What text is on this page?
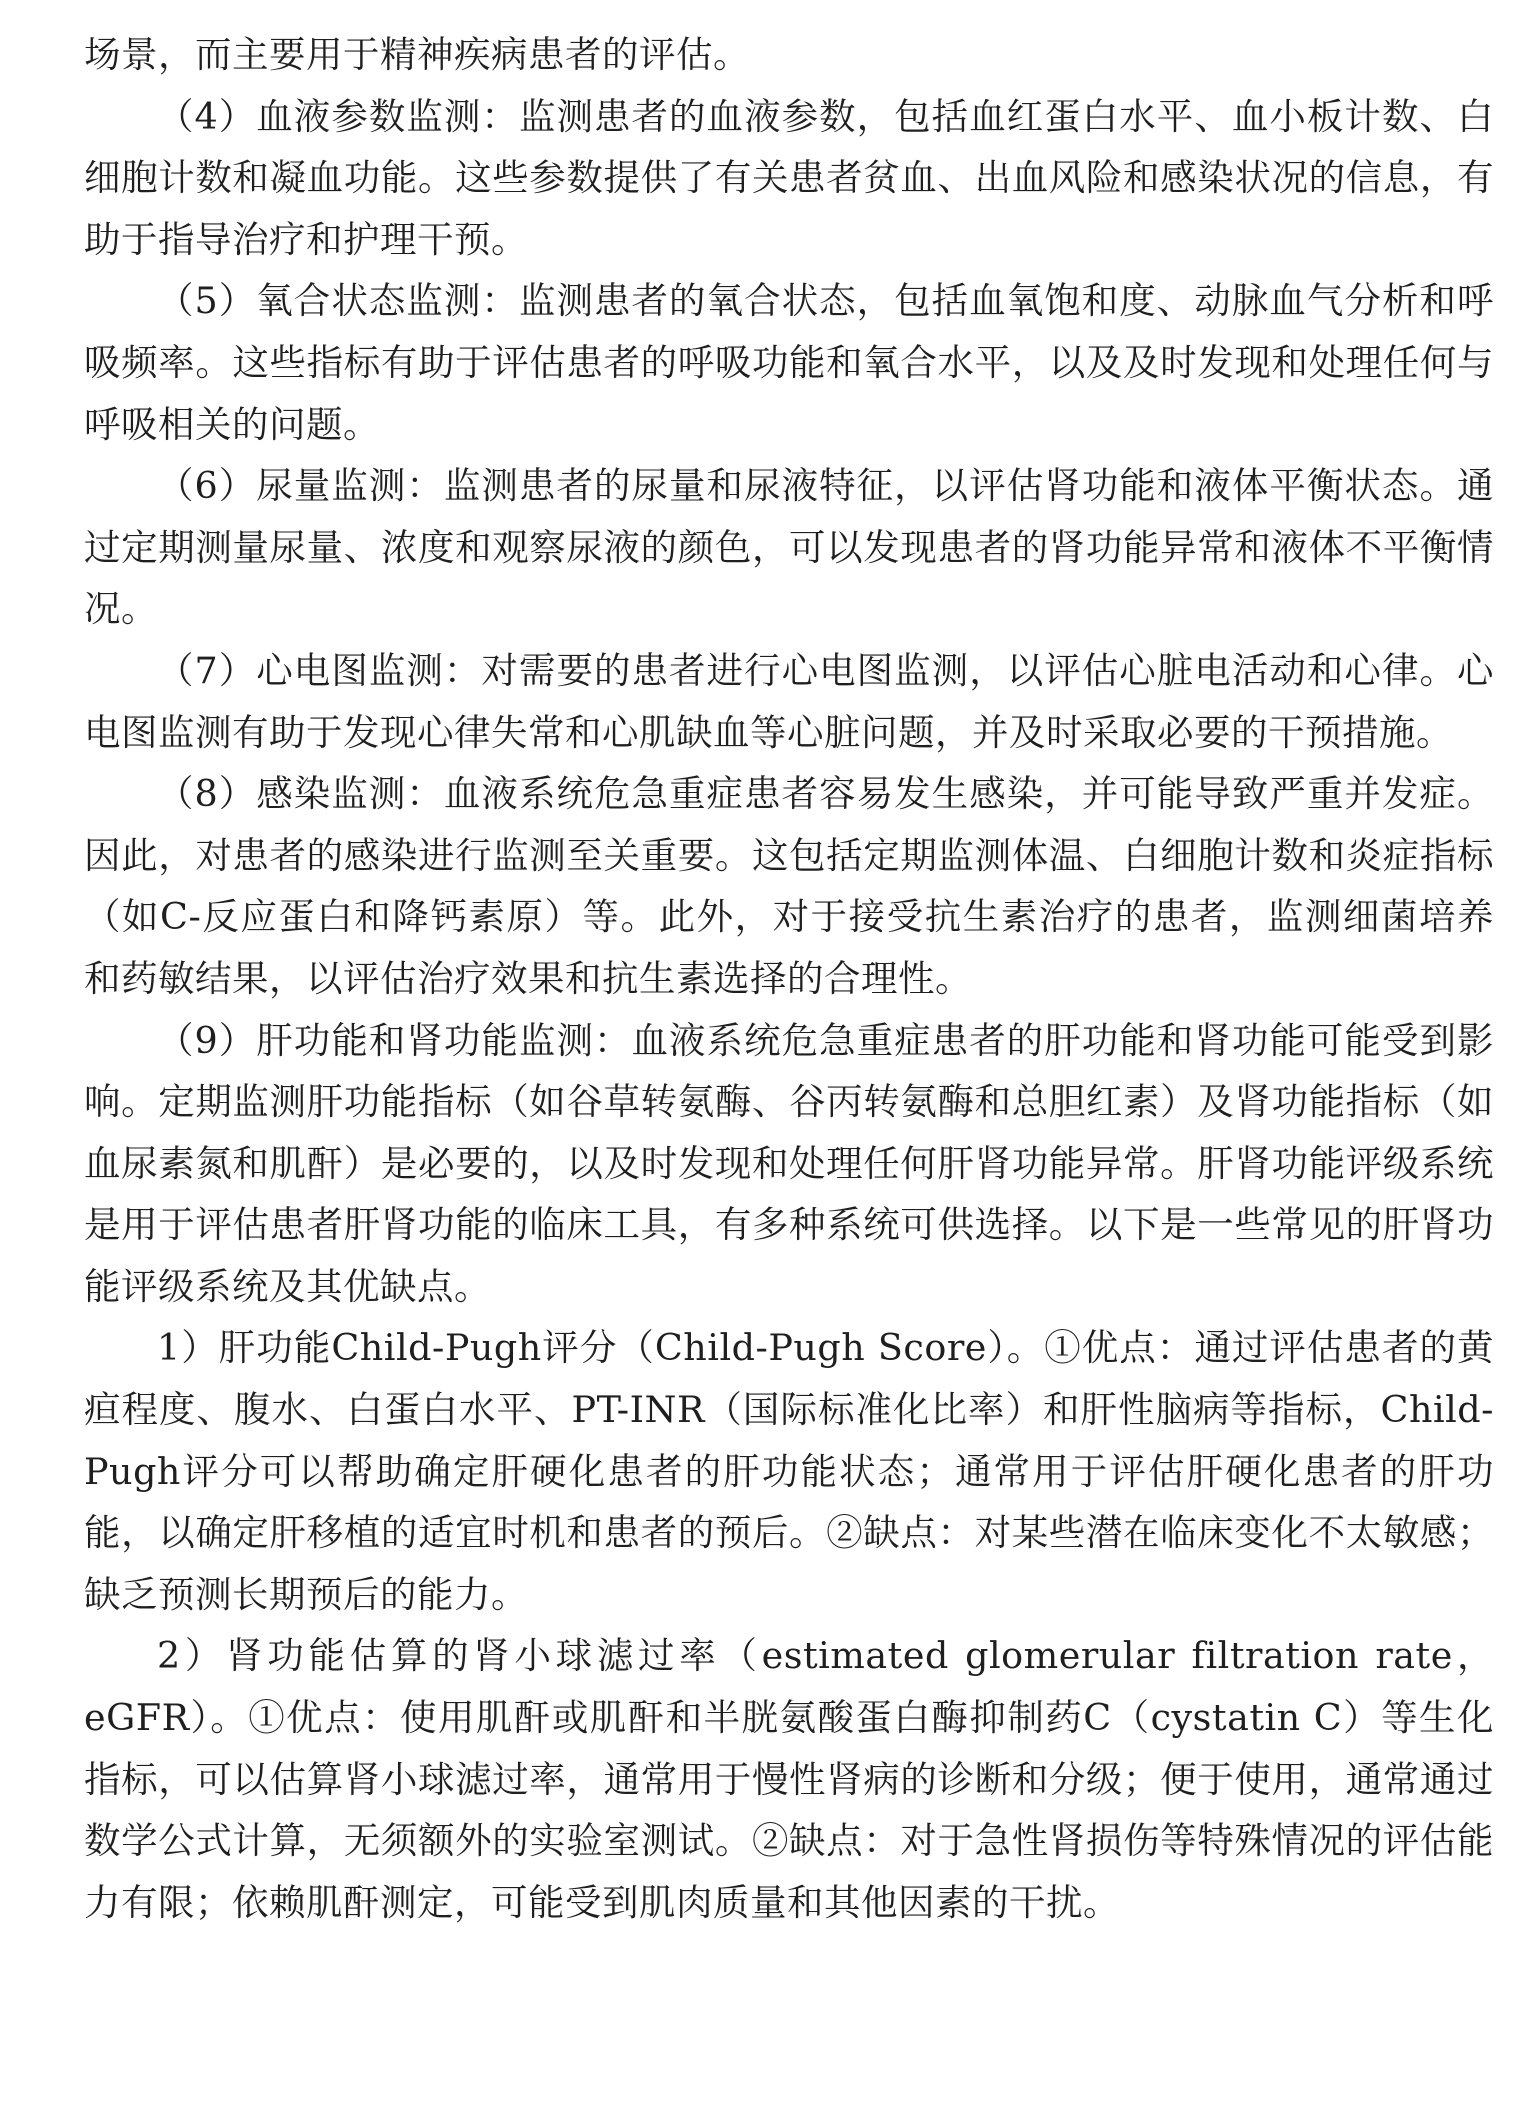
场景，而主要用于精神疾病患者的评估。

（4）血液参数监测：监测患者的血液参数，包括血红蛋白水平、血小板计数、白细胞计数和凝血功能。这些参数提供了有关患者贫血、出血风险和感染状况的信息，有助于指导治疗和护理干预。

（5）氧合状态监测：监测患者的氧合状态，包括血氧饱和度、动脉血气分析和呼吸频率。这些指标有助于评估患者的呼吸功能和氧合水平，以及及时发现和处理任何与呼吸相关的问题。

（6）尿量监测：监测患者的尿量和尿液特征，以评估肾功能和液体平衡状态。通过定期测量尿量、浓度和观察尿液的颜色，可以发现患者的肾功能异常和液体不平衡情况。

（7）心电图监测：对需要的患者进行心电图监测，以评估心脏电活动和心律。心电图监测有助于发现心律失常和心肌缺血等心脏问题，并及时采取必要的干预措施。

（8）感染监测：血液系统危急重症患者容易发生感染，并可能导致严重并发症。因此，对患者的感染进行监测至关重要。这包括定期监测体温、白细胞计数和炎症指标（如C-反应蛋白和降钙素原）等。此外，对于接受抗生素治疗的患者，监测细菌培养和药敏结果，以评估治疗效果和抗生素选择的合理性。

（9）肝功能和肾功能监测：血液系统危急重症患者的肝功能和肾功能可能受到影响。定期监测肝功能指标（如谷草转氨酶、谷丙转氨酶和总胆红素）及肾功能指标（如血尿素氮和肌酐）是必要的，以及时发现和处理任何肝肾功能异常。肝肾功能评级系统是用于评估患者肝肾功能的临床工具，有多种系统可供选择。以下是一些常见的肝肾功能评级系统及其优缺点。

1）肝功能Child-Pugh评分（Child-Pugh Score）。①优点：通过评估患者的黄疸程度、腹水、白蛋白水平、PT-INR（国际标准化比率）和肝性脑病等指标，Child-Pugh评分可以帮助确定肝硬化患者的肝功能状态；通常用于评估肝硬化患者的肝功能，以确定肝移植的适宜时机和患者的预后。②缺点：对某些潜在临床变化不太敏感；缺乏预测长期预后的能力。

2）肾功能估算的肾小球滤过率（estimated glomerular filtration rate，eGFR）。①优点：使用肌酐或肌酐和半胱氨酸蛋白酶抑制药C（cystatin C）等生化指标，可以估算肾小球滤过率，通常用于慢性肾病的诊断和分级；便于使用，通常通过数学公式计算，无须额外的实验室测试。②缺点：对于急性肾损伤等特殊情况的评估能力有限；依赖肌酐测定，可能受到肌肉质量和其他因素的干扰。
